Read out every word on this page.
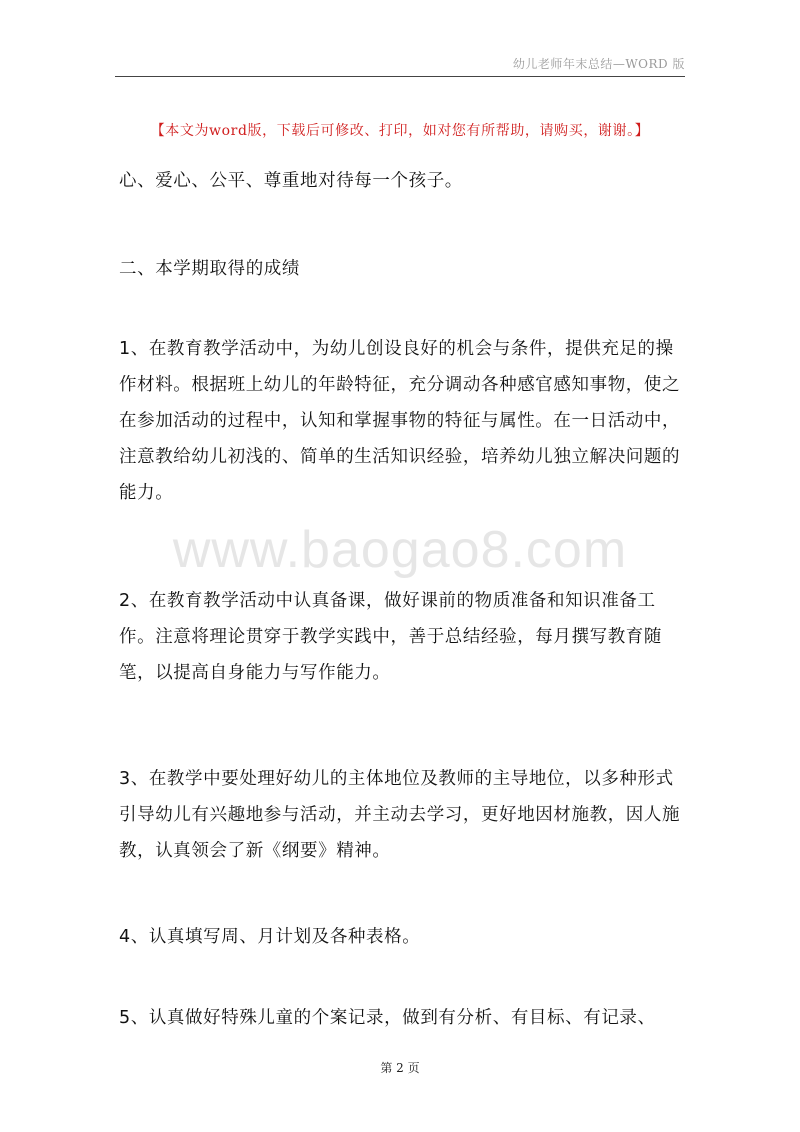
幼儿老师年末总结—WORD 版
【本文为word版，下载后可修改、打印，如对您有所帮助，请购买，谢谢。】
www.baogao8.com
心、爱心、公平、尊重地对待每一个孩子。
二、本学期取得的成绩
1、在教育教学活动中，为幼儿创设良好的机会与条件，提供充足的操作材料。根据班上幼儿的年龄特征，充分调动各种感官感知事物，使之在参加活动的过程中，认知和掌握事物的特征与属性。在一日活动中，注意教给幼儿初浅的、简单的生活知识经验，培养幼儿独立解决问题的能力。
2、在教育教学活动中认真备课，做好课前的物质准备和知识准备工作。注意将理论贯穿于教学实践中，善于总结经验，每月撰写教育随笔，以提高自身能力与写作能力。
3、在教学中要处理好幼儿的主体地位及教师的主导地位，以多种形式引导幼儿有兴趣地参与活动，并主动去学习，更好地因材施教，因人施教，认真领会了新《纲要》精神。
4、认真填写周、月计划及各种表格。
5、认真做好特殊儿童的个案记录，做到有分析、有目标、有记录、
第 2 页
